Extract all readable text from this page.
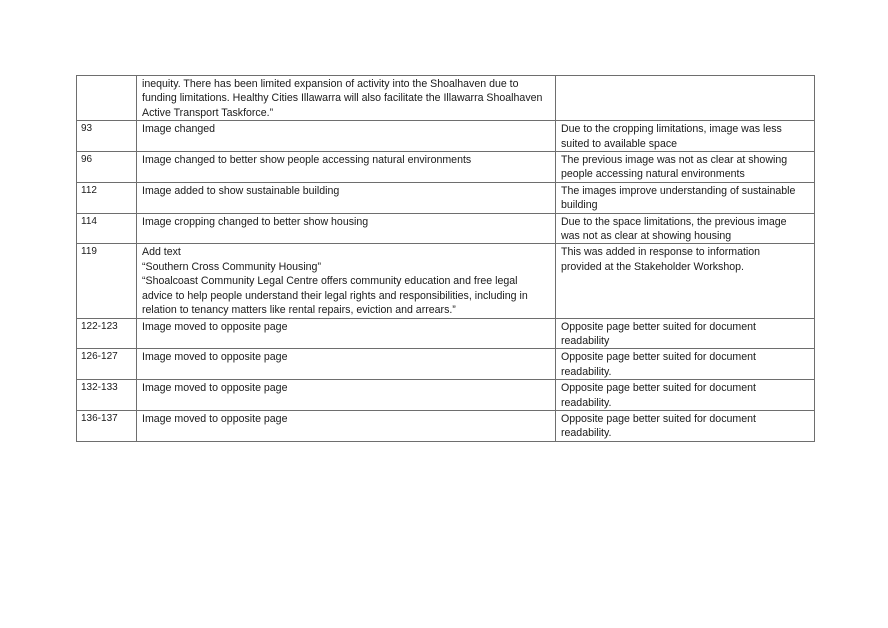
	inequity. There has been limited expansion of activity into the Shoalhaven due to
funding limitations. Healthy Cities Illawarra will also facilitate the Illawarra Shoalhaven
Active Transport Taskforce.”	
93	Image changed	Due to the cropping limitations, image was less
suited to available space
96	Image changed to better show people accessing natural environments	The previous image was not as clear at showing
people accessing natural environments
112	Image added to show sustainable building	The images improve understanding of sustainable
building
114	Image cropping changed to better show housing	Due to the space limitations, the previous image
was not as clear at showing housing
119	Add text
“Southern Cross Community Housing”
“Shoalcoast Community Legal Centre offers community education and free legal
advice to help people understand their legal rights and responsibilities, including in
relation to tenancy matters like rental repairs, eviction and arrears.”	This was added in response to information
provided at the Stakeholder Workshop.
122-123	Image moved to opposite page	Opposite page better suited for document
readability
126-127	Image moved to opposite page	Opposite page better suited for document
readability.
132-133	Image moved to opposite page	Opposite page better suited for document
readability.
136-137	Image moved to opposite page	Opposite page better suited for document
readability.
